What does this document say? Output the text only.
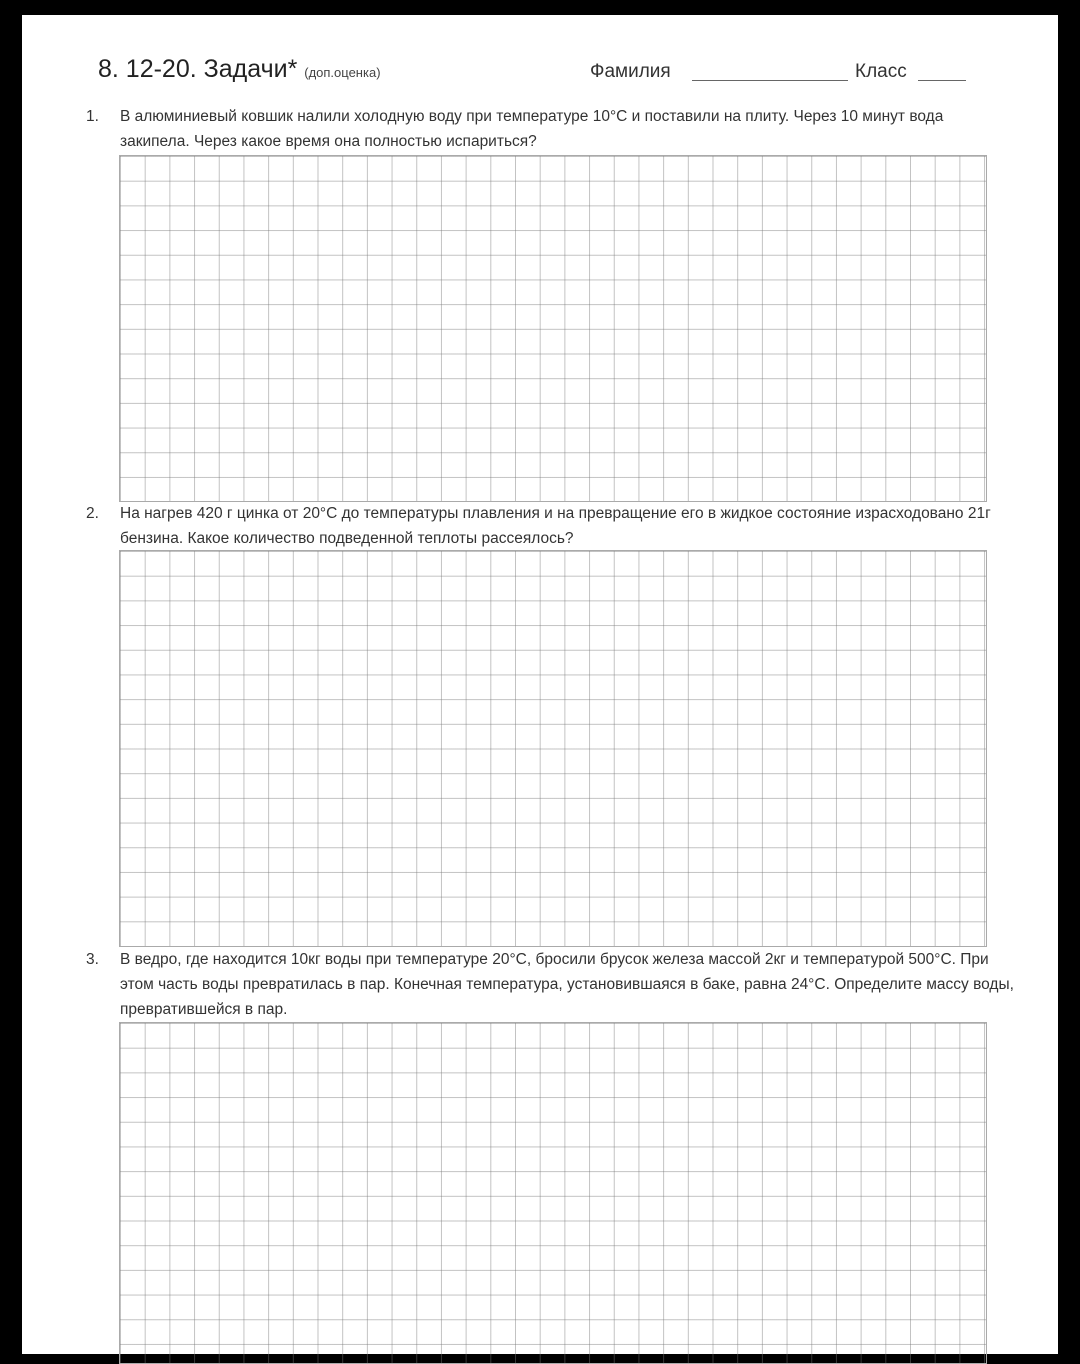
8. 12-20. Задачи* (доп.оценка)	Фамилия	Класс
1. В алюминиевый ковшик налили холодную воду при температуре 10°С и поставили на плиту. Через 10 минут вода закипела. Через какое время она полностью испариться?
2. На нагрев 420 г цинка от 20°С до температуры плавления и на превращение его в жидкое состояние израсходовано 21г бензина. Какое количество подведенной теплоты рассеялось?
3. В ведро, где находится 10кг воды при температуре 20°С, бросили брусок железа массой 2кг и температурой 500°С. При этом часть воды превратилась в пар. Конечная температура, установившаяся в баке, равна 24°С. Определите массу воды, превратившейся в пар.
